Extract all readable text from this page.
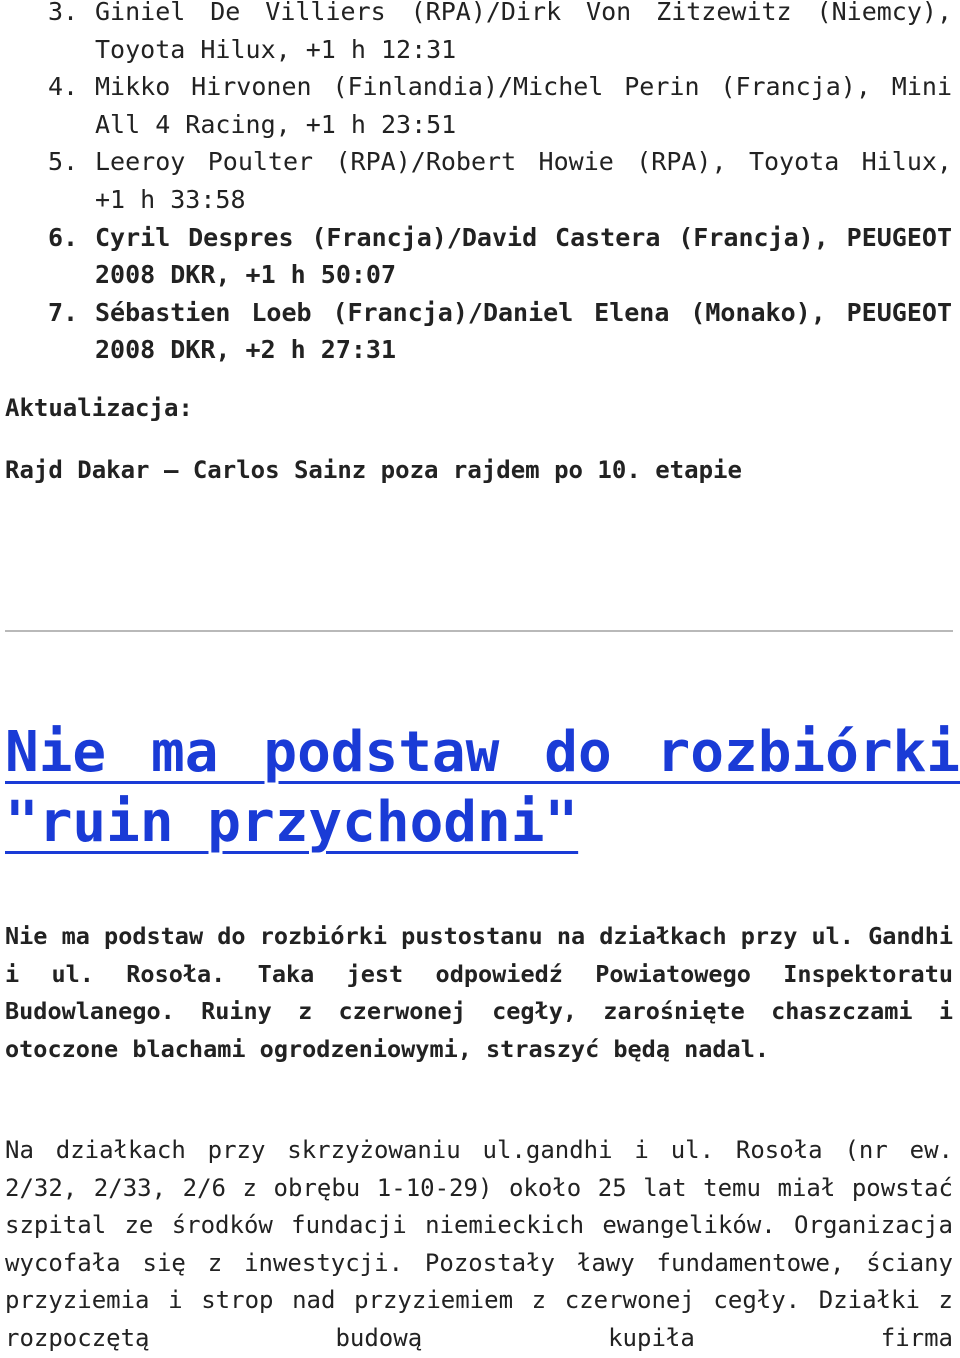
3. Giniel De Villiers (RPA)/Dirk Von Zitzewitz (Niemcy), Toyota Hilux, +1 h 12:31
4. Mikko Hirvonen (Finlandia)/Michel Perin (Francja), Mini All 4 Racing, +1 h 23:51
5. Leeroy Poulter (RPA)/Robert Howie (RPA), Toyota Hilux, +1 h 33:58
6. Cyril Despres (Francja)/David Castera (Francja), PEUGEOT 2008 DKR, +1 h 50:07
7. Sébastien Loeb (Francja)/Daniel Elena (Monako), PEUGEOT 2008 DKR, +2 h 27:31
Aktualizacja:
Rajd Dakar – Carlos Sainz poza rajdem po 10. etapie
Nie ma podstaw do rozbiórki "ruin przychodni"

Nie ma podstaw do rozbiórki pustostanu na działkach przy ul. Gandhi i ul. Rosoła. Taka jest odpowiedź Powiatowego Inspektoratu Budowlanego. Ruiny z czerwonej cegły, zarośnięte chaszczami i otoczone blachami ogrodzeniowymi, straszyć będą nadal.

Na działkach przy skrzyżowaniu ul.gandhi i ul. Rosoła (nr ew. 2/32, 2/33, 2/6 z obrębu 1-10-29) około 25 lat temu miał powstać szpital ze środków fundacji niemieckich ewangelików. Organizacja wycofała się z inwestycji. Pozostały ławy fundamentowe, ściany przyziemia i strop nad przyziemiem z czerwonej cegły. Działki z rozpoczętą budową kupiła firma
